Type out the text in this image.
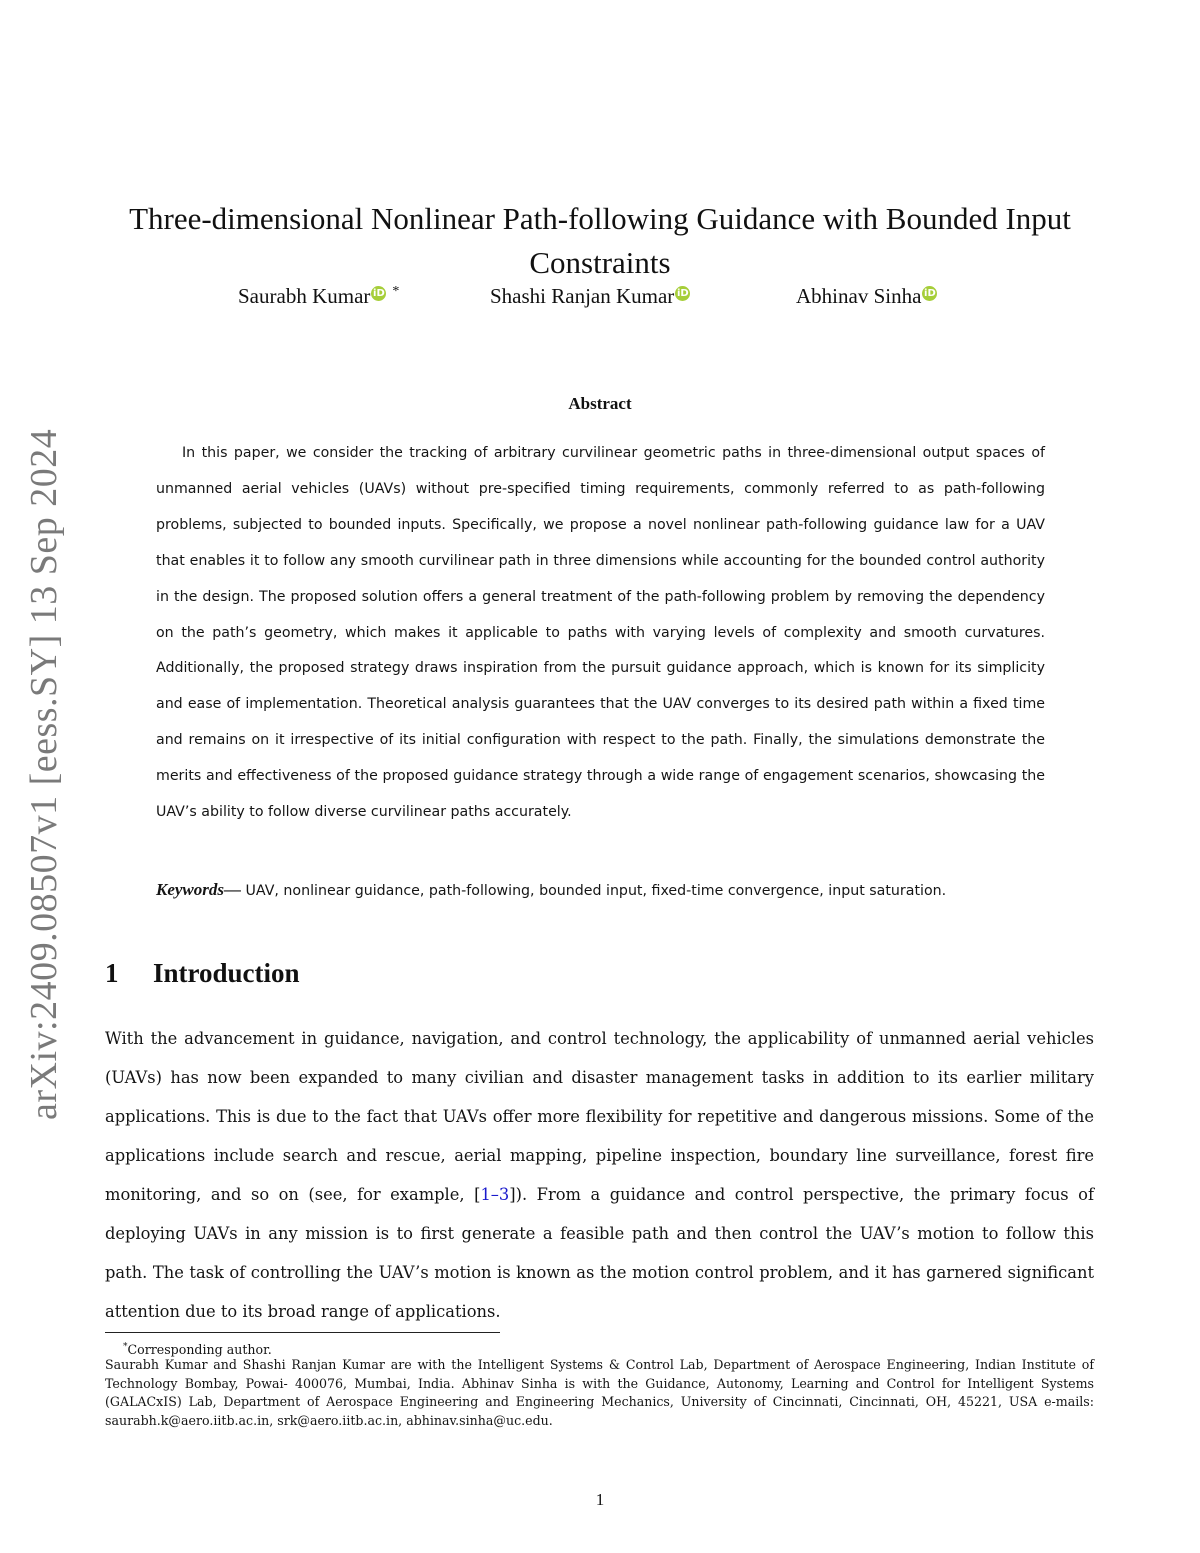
arXiv:2409.08507v1 [eess.SY] 13 Sep 2024
Three-dimensional Nonlinear Path-following Guidance with Bounded Input Constraints
Saurabh Kumar iD *	Shashi Ranjan Kumar iD	Abhinav Sinha iD
Abstract

In this paper, we consider the tracking of arbitrary curvilinear geometric paths in three-dimensional output spaces of unmanned aerial vehicles (UAVs) without pre-specified timing requirements, commonly referred to as path-following problems, subjected to bounded inputs. Specifically, we propose a novel nonlinear path-following guidance law for a UAV that enables it to follow any smooth curvilinear path in three dimensions while accounting for the bounded control authority in the design. The proposed solution offers a general treatment of the path-following problem by removing the dependency on the path’s geometry, which makes it applicable to paths with varying levels of complexity and smooth curvatures. Additionally, the proposed strategy draws inspiration from the pursuit guidance approach, which is known for its simplicity and ease of implementation. Theoretical analysis guarantees that the UAV converges to its desired path within a fixed time and remains on it irrespective of its initial configuration with respect to the path. Finally, the simulations demonstrate the merits and effectiveness of the proposed guidance strategy through a wide range of engagement scenarios, showcasing the UAV’s ability to follow diverse curvilinear paths accurately.

Keywords— UAV, nonlinear guidance, path-following, bounded input, fixed-time convergence, input saturation.
1 Introduction

With the advancement in guidance, navigation, and control technology, the applicability of unmanned aerial vehicles (UAVs) has now been expanded to many civilian and disaster management tasks in addition to its earlier military applications. This is due to the fact that UAVs offer more flexibility for repetitive and dangerous missions. Some of the applications include search and rescue, aerial mapping, pipeline inspection, boundary line surveillance, forest fire monitoring, and so on (see, for example, [1–3]). From a guidance and control perspective, the primary focus of deploying UAVs in any mission is to first generate a feasible path and then control the UAV’s motion to follow this path. The task of controlling the UAV’s motion is known as the motion control problem, and it has garnered significant attention due to its broad range of applications.

*Corresponding author.
Saurabh Kumar and Shashi Ranjan Kumar are with the Intelligent Systems & Control Lab, Department of Aerospace Engineering, Indian Institute of Technology Bombay, Powai- 400076, Mumbai, India. Abhinav Sinha is with the Guidance, Autonomy, Learning and Control for Intelligent Systems (GALACxIS) Lab, Department of Aerospace Engineering and Engineering Mechanics, University of Cincinnati, Cincinnati, OH, 45221, USA e-mails: saurabh.k@aero.iitb.ac.in, srk@aero.iitb.ac.in, abhinav.sinha@uc.edu.
1
